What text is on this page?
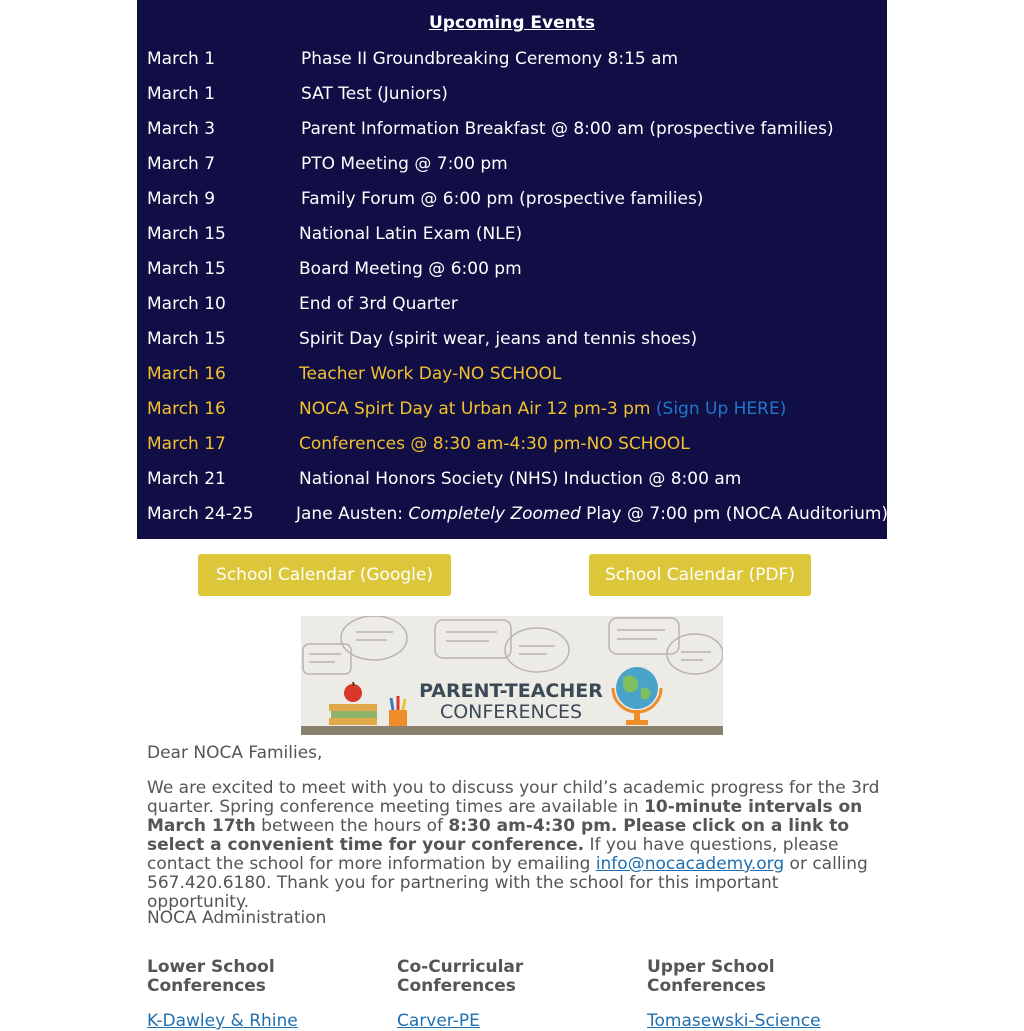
Upcoming Events
March 1	Phase II Groundbreaking Ceremony 8:15 am
March 1	SAT Test (Juniors)
March 3	Parent Information Breakfast @ 8:00 am (prospective families)
March 7	PTO Meeting @ 7:00 pm
March 9	Family Forum @ 6:00 pm (prospective families)
March 15	National Latin Exam (NLE)
March 15	Board Meeting @ 6:00 pm
March 10	End of 3rd Quarter
March 15	Spirit Day (spirit wear, jeans and tennis shoes)
March 16	Teacher Work Day-NO SCHOOL
March 16	NOCA Spirt Day at Urban Air 12 pm-3 pm (Sign Up HERE)
March 17	Conferences @ 8:30 am-4:30 pm-NO SCHOOL
March 21	National Honors Society (NHS) Induction @ 8:00 am
March 24-25 Jane Austen: Completely Zoomed Play @ 7:00 pm (NOCA Auditorium)
School Calendar (Google)	School Calendar (PDF)
PARENT-TEACHER
CONFERENCES
Dear NOCA Families,
We are excited to meet with you to discuss your child’s academic progress for the 3rd quarter. Spring conference meeting times are available in 10-minute intervals on March 17th between the hours of 8:30 am-4:30 pm. Please click on a link to select a convenient time for your conference. If you have questions, please contact the school for more information by emailing info@nocacademy.org or calling 567.420.6180. Thank you for partnering with the school for this important opportunity.
NOCA Administration
Lower School Conferences
K-Dawley & Rhine
Co-Curricular Conferences
Carver-PE
Upper School Conferences
Tomasewski-Science
